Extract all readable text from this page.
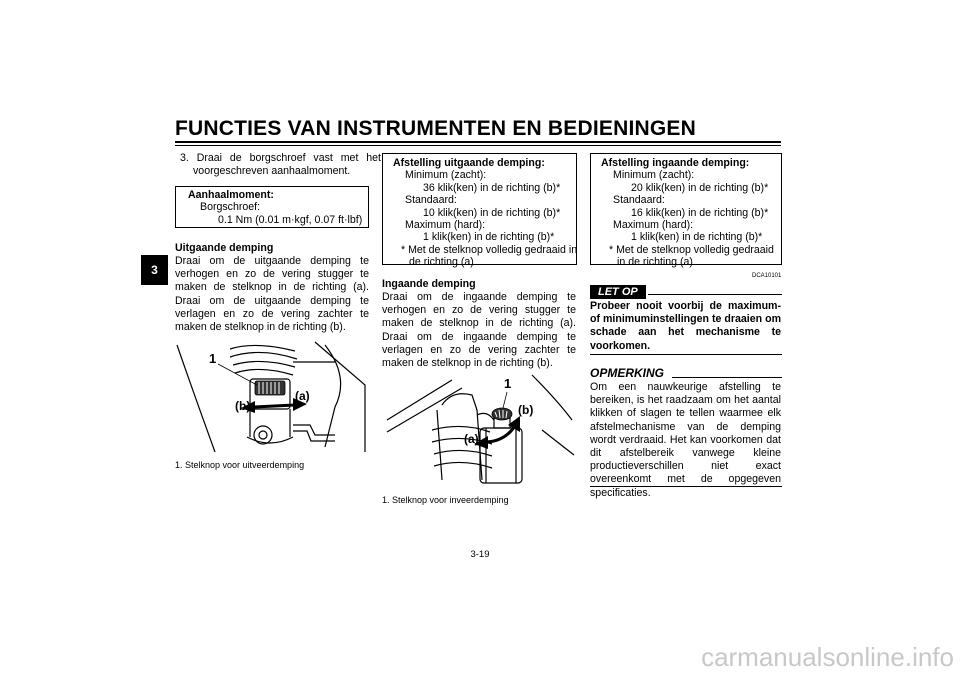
FUNCTIES VAN INSTRUMENTEN EN BEDIENINGEN
3
3. Draai de borgschroef vast met het voorgeschreven aanhaalmoment.
Aanhaalmoment:
Borgschroef:
0.1 Nm (0.01 m·kgf, 0.07 ft·lbf)
Uitgaande demping
Draai om de uitgaande demping te verhogen en zo de vering stugger te maken de stelknop in de richting (a). Draai om de uitgaande demping te verlagen en zo de vering zachter te maken de stelknop in de richting (b).
1
(b)
(a)
1. Stelknop voor uitveerdemping
Afstelling uitgaande demping:
Minimum (zacht):
36 klik(ken) in de richting (b)*
Standaard:
10 klik(ken) in de richting (b)*
Maximum (hard):
1 klik(ken) in de richting (b)*
* Met de stelknop volledig gedraaid in de richting (a)
Ingaande demping
Draai om de ingaande demping te verhogen en zo de vering stugger te maken de stelknop in de richting (a). Draai om de ingaande demping te verlagen en zo de vering zachter te maken de stelknop in de richting (b).
1
(b)
(a)
1. Stelknop voor inveerdemping
Afstelling ingaande demping:
Minimum (zacht):
20 klik(ken) in de richting (b)*
Standaard:
16 klik(ken) in de richting (b)*
Maximum (hard):
1 klik(ken) in de richting (b)*
* Met de stelknop volledig gedraaid in de richting (a)
DCA10101
LET OP
Probeer nooit voorbij de maximum- of minimuminstellingen te draaien om schade aan het mechanisme te voorkomen.
OPMERKING
Om een nauwkeurige afstelling te bereiken, is het raadzaam om het aantal klikken of slagen te tellen waarmee elk afstelmechanisme van de demping wordt verdraaid. Het kan voorkomen dat dit afstelbereik vanwege kleine productieverschillen niet exact overeenkomt met de opgegeven specificaties.
3-19
carmanualsonline.info
